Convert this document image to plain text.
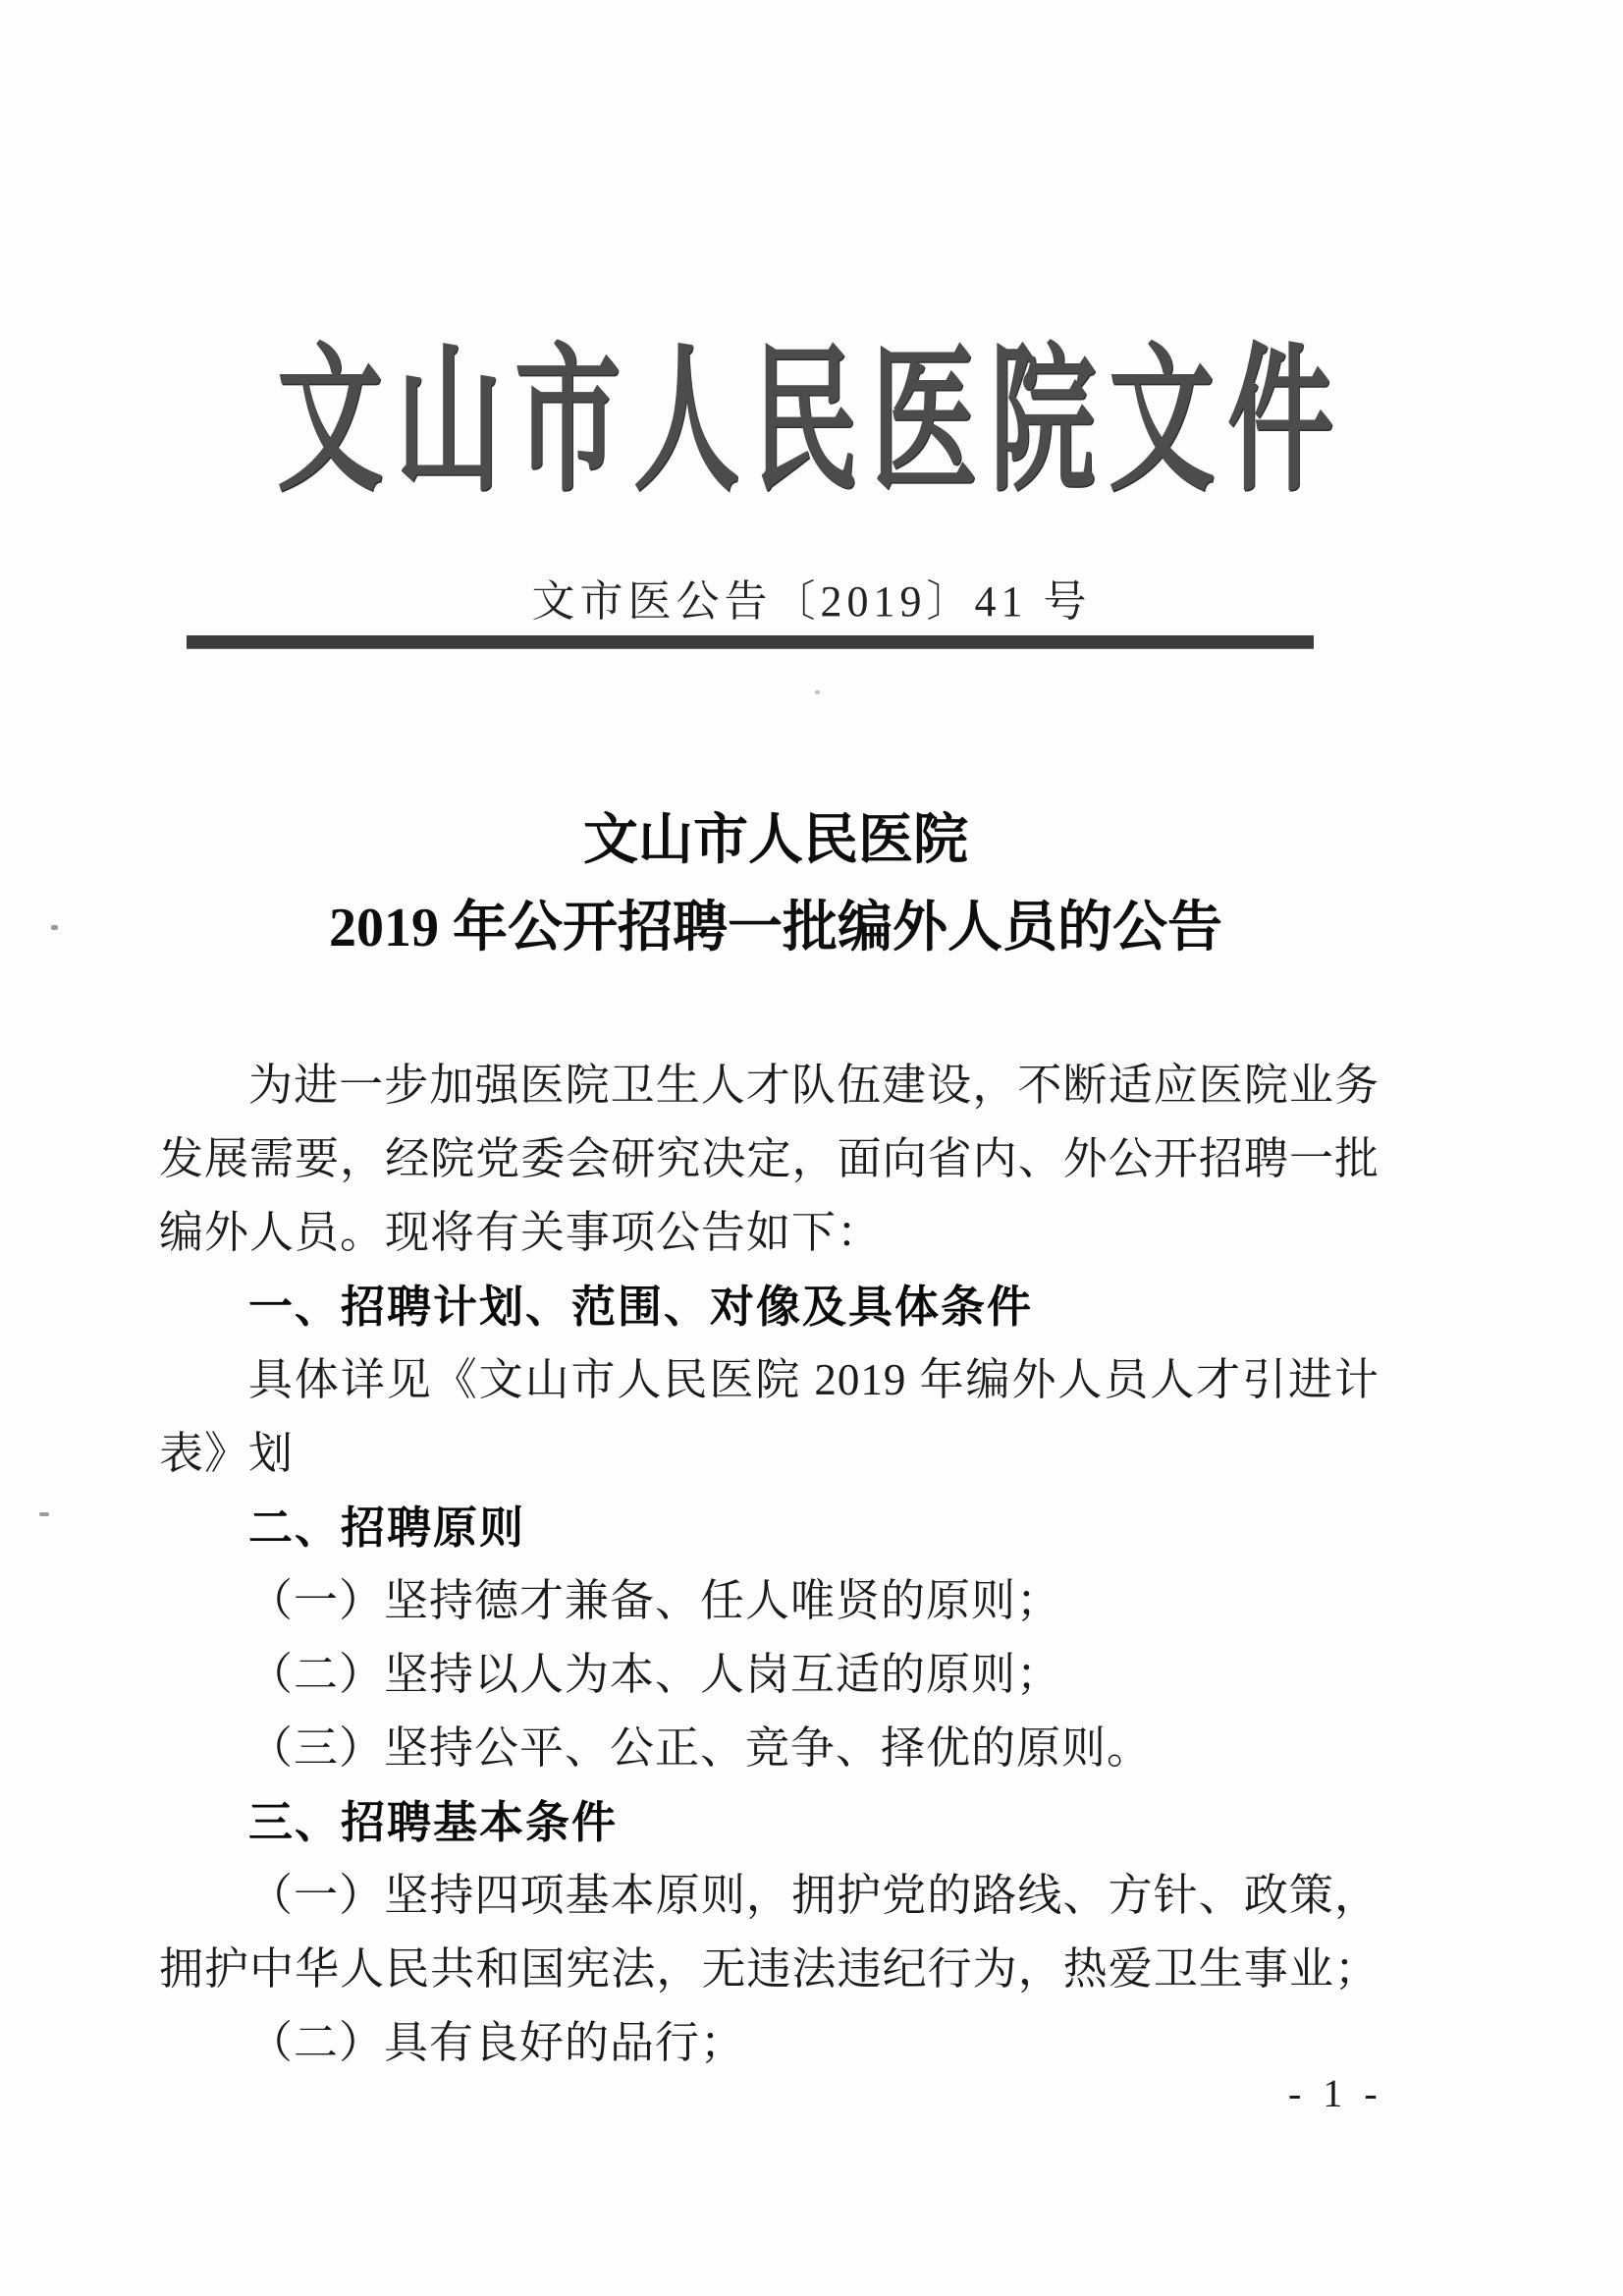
文山市人民医院文件
文市医公告〔2019〕41 号
文山市人民医院
2019 年公开招聘一批编外人员的公告
为进一步加强医院卫生人才队伍建设，不断适应医院业务
发展需要，经院党委会研究决定，面向省内、外公开招聘一批
编外人员。现将有关事项公告如下：
一、招聘计划、范围、对像及具体条件
具体详见《文山市人民医院 2019 年编外人员人才引进计划
表》
二、招聘原则
（一）坚持德才兼备、任人唯贤的原则；
（二）坚持以人为本、人岗互适的原则；
（三）坚持公平、公正、竞争、择优的原则。
三、招聘基本条件
（一）坚持四项基本原则，拥护党的路线、方针、政策，
拥护中华人民共和国宪法，无违法违纪行为，热爱卫生事业；
（二）具有良好的品行；
- 1 -
